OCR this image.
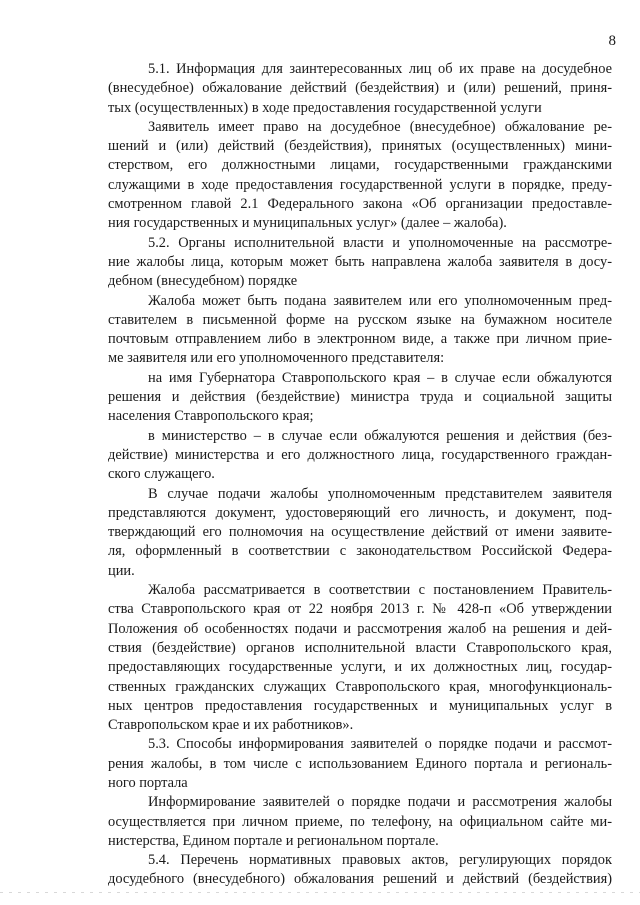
8

5.1. Информация для заинтересованных лиц об их праве на досудебное

(внесудебное) обжалование действий (бездействия) и (или) решений, приня-

тых (осуществленных) в ходе предоставления государственной услуги

Заявитель имеет право на досудебное (внесудебное) обжалование ре-

шений и (или) действий (бездействия), принятых (осуществленных) мини-

стерством, его должностными лицами, государственными гражданскими

служащими в ходе предоставления государственной услуги в порядке, преду-

смотренном главой 2.1 Федерального закона «Об организации предоставле-

ния государственных и муниципальных услуг» (далее – жалоба).

5.2. Органы исполнительной власти и уполномоченные на рассмотре-

ние жалобы лица, которым может быть направлена жалоба заявителя в досу-

дебном (внесудебном) порядке

Жалоба может быть подана заявителем или его уполномоченным пред-

ставителем в письменной форме на русском языке на бумажном носителе

почтовым отправлением либо в электронном виде, а также при личном прие-

ме заявителя или его уполномоченного представителя:

на имя Губернатора Ставропольского края – в случае если обжалуются

решения и действия (бездействие) министра труда и социальной защиты

населения Ставропольского края;

в министерство – в случае если обжалуются решения и действия (без-

действие) министерства и его должностного лица, государственного граждан-

ского служащего.

В случае подачи жалобы уполномоченным представителем заявителя

представляются документ, удостоверяющий его личность, и документ, под-

тверждающий его полномочия на осуществление действий от имени заявите-

ля, оформленный в соответствии с законодательством Российской Федера-

ции.

Жалоба рассматривается в соответствии с постановлением Правитель-

ства Ставропольского края от 22 ноября 2013 г. № 428-п «Об утверждении

Положения об особенностях подачи и рассмотрения жалоб на решения и дей-

ствия (бездействие) органов исполнительной власти Ставропольского края,

предоставляющих государственные услуги, и их должностных лиц, государ-

ственных гражданских служащих Ставропольского края, многофункциональ-

ных центров предоставления государственных и муниципальных услуг в

Ставропольском крае и их работников».

5.3. Способы информирования заявителей о порядке подачи и рассмот-

рения жалобы, в том числе с использованием Единого портала и региональ-

ного портала

Информирование заявителей о порядке подачи и рассмотрения жалобы

осуществляется при личном приеме, по телефону, на официальном сайте ми-

нистерства, Едином портале и региональном портале.

5.4. Перечень нормативных правовых актов, регулирующих порядок

досудебного (внесудебного) обжалования решений и действий (бездействия)
